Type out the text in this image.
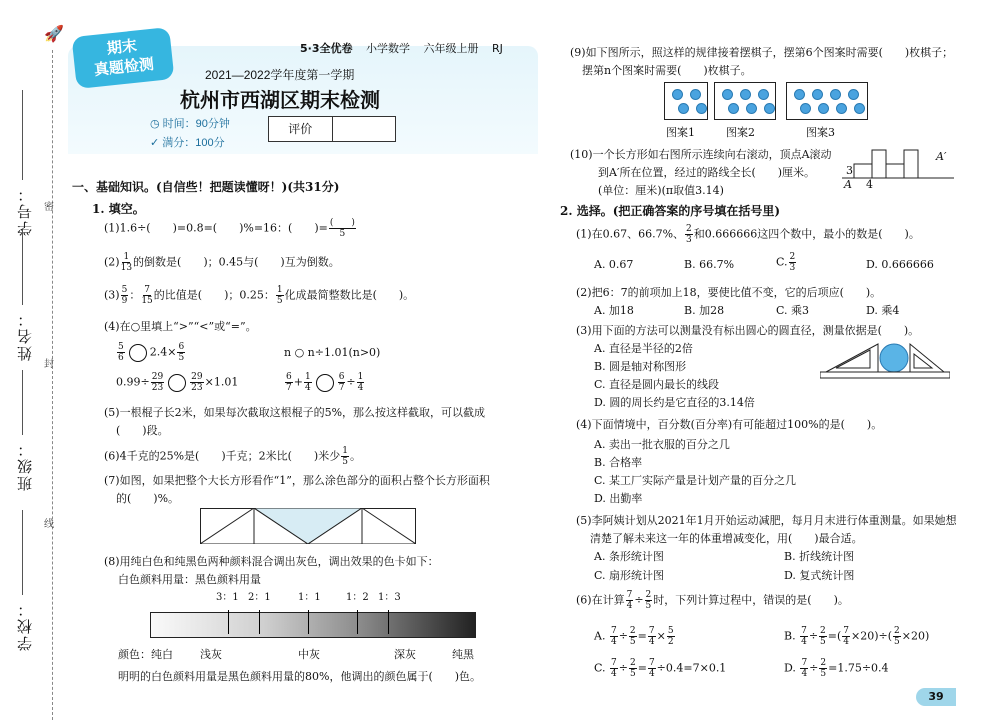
🚀
学号：
姓名：
班级：
学校：
密
封
线
期末
真题检测
5·3全优卷 小学数学 六年级上册 RJ
2021—2022学年度第一学期
杭州市西湖区期末检测
◷ 时间：90分钟
✓ 满分：100分
评价
一、基础知识。(自信些！把题读懂呀！)(共31分)
1. 填空。
(1)1.6÷(　　)=0.8=(　　)%=16：(　　)= $\frac{( )}{5}$
$(2) \frac{1}{13}$ 的倒数是(　　)；0.45与(　　)互为倒数。
$(3) \frac{5}{9}$ ： $\frac{7}{15}$ 的比值是(　　)；0.25： $\frac{1}{5}$ 化成最简整数比是(　　)。
(4)在○里填上“>”“<”或“=”。
$\frac{5}{6} 2.4\times \frac{6}{5}$	n ○ n÷1.01(n>0)
$0.99\div \frac{29}{23}$	$\frac{29}{23} \times 1.01$	$\frac{6}{7} + \frac{1}{4}$	$\frac{6}{7} \div \frac{1}{4}$
(5)一根棍子长2米，如果每次截取这根棍子的5%，那么按这样截取，可以截成
(　　)段。
(6)4千克的25%是(　　)千克；2米比(　　)米少 $\frac{1}{5}$ 。
(7)如图，如果把整个大长方形看作“1”，那么涂色部分的面积占整个长方形面积
的(　　)%。
(8)用纯白色和纯黑色两种颜料混合调出灰色，调出效果的色卡如下：
白色颜料用量：黑色颜料用量
3：1 2：1	1：1	1：2 1：3
颜色：纯白 浅灰	中灰	深灰	纯黑
明明的白色颜料用量是黑色颜料用量的80%，他调出的颜色属于(　　)色。
(9)如下图所示，照这样的规律接着摆棋子，摆第6个图案时需要(　　)枚棋子；
摆第n个图案时需要(　　)枚棋子。
图案1	图案2	图案3
(10)一个长方形如右图所示连续向右滚动，顶点A滚动
到A′所在位置，经过的路线全长(　　)厘米。
(单位：厘米)(π取值3.14)	A
A′
3
4
2. 选择。(把正确答案的序号填在括号里)
(1)在0.67、66.7%、 $\frac{2}{3}$ 和0.666666这四个数中，最小的数是(　　)。
A. 0.67	B. 66.7%	C. $\frac{2}{3}$	D. 0.666666
(2)把6：7的前项加上18，要使比值不变，它的后项应(　　)。
A. 加18	B. 加28	C. 乘3	D. 乘4
(3)用下面的方法可以测量没有标出圆心的圆直径，测量依据是(　　)。
A. 直径是半径的2倍
B. 圆是轴对称图形
C. 直径是圆内最长的线段
D. 圆的周长约是它直径的3.14倍
(4)下面情境中，百分数(百分率)有可能超过100%的是(　　)。
A. 卖出一批衣服的百分之几
B. 合格率
C. 某工厂实际产量是计划产量的百分之几
D. 出勤率
(5)李阿姨计划从2021年1月开始运动减肥，每月月末进行体重测量。如果她想
清楚了解未来这一年的体重增减变化，用(　　)最合适。
A. 条形统计图	B. 折线统计图
C. 扇形统计图	D. 复式统计图
(6)在计算 $\frac{7}{4} \div \frac{2}{5}$ 时，下列计算过程中，错误的是(　　)。
A. $\frac{7}{4} \div \frac{2}{5} = \frac{7}{4} \times \frac{5}{2}$	B. $\frac{7}{4} \div \frac{2}{5}$ =( $\frac{7}{4} \times 20)\div( \frac{2}{5} \times 20)$
C. $\frac{7}{4} \div \frac{2}{5} = \frac{7}{4} \div 0.4=7\times 0.1$	D. $\frac{7}{4} \div \frac{2}{5} =1.75\div 0.4$
39
